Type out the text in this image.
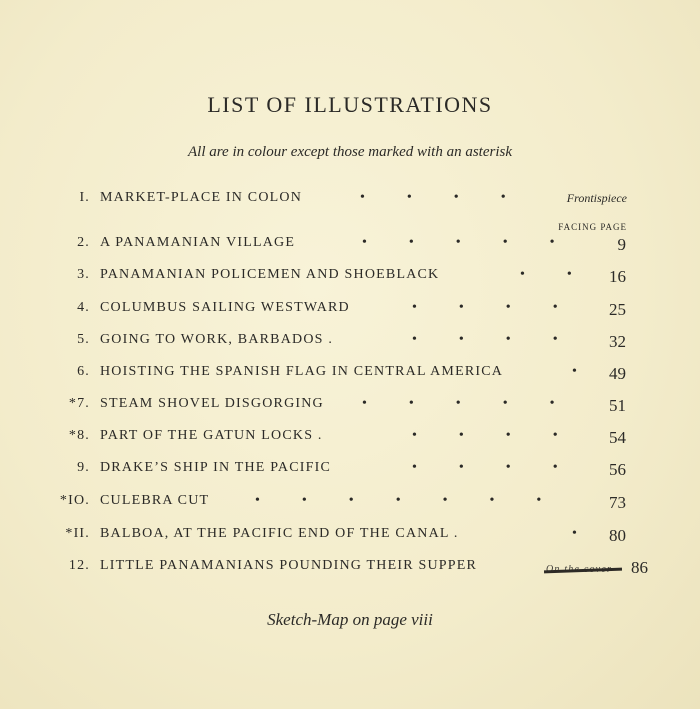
LIST OF ILLUSTRATIONS
All are in colour except those marked with an asterisk
Frontispiece
FACING PAGE
I. MARKET-PLACE IN COLON	•            •            •            •
2. A PANAMANIAN VILLAGE	•            •            •            •            •	9
3. PANAMANIAN POLICEMEN AND SHOEBLACK	•            • 16
4. COLUMBUS SAILING WESTWARD	•            •            •            •	25
5. GOING TO WORK, BARBADOS .	•            •            •            •	32
6. HOISTING THE SPANISH FLAG IN CENTRAL AMERICA	• 49
*7. STEAM SHOVEL DISGORGING	•            •            •            •            •	51
*8. PART OF THE GATUN LOCKS .	•            •            •            •	54
9. DRAKE’S SHIP IN THE PACIFIC	•            •            •            •	56
*IO. CULEBRA CUT	•            •            •            •            •            •            •	73
*II. BALBOA, AT THE PACIFIC END OF THE CANAL .	• 80
12. LITTLE PANAMANIANS POUNDING THEIR SUPPER	86
Sketch-Map on page viii
